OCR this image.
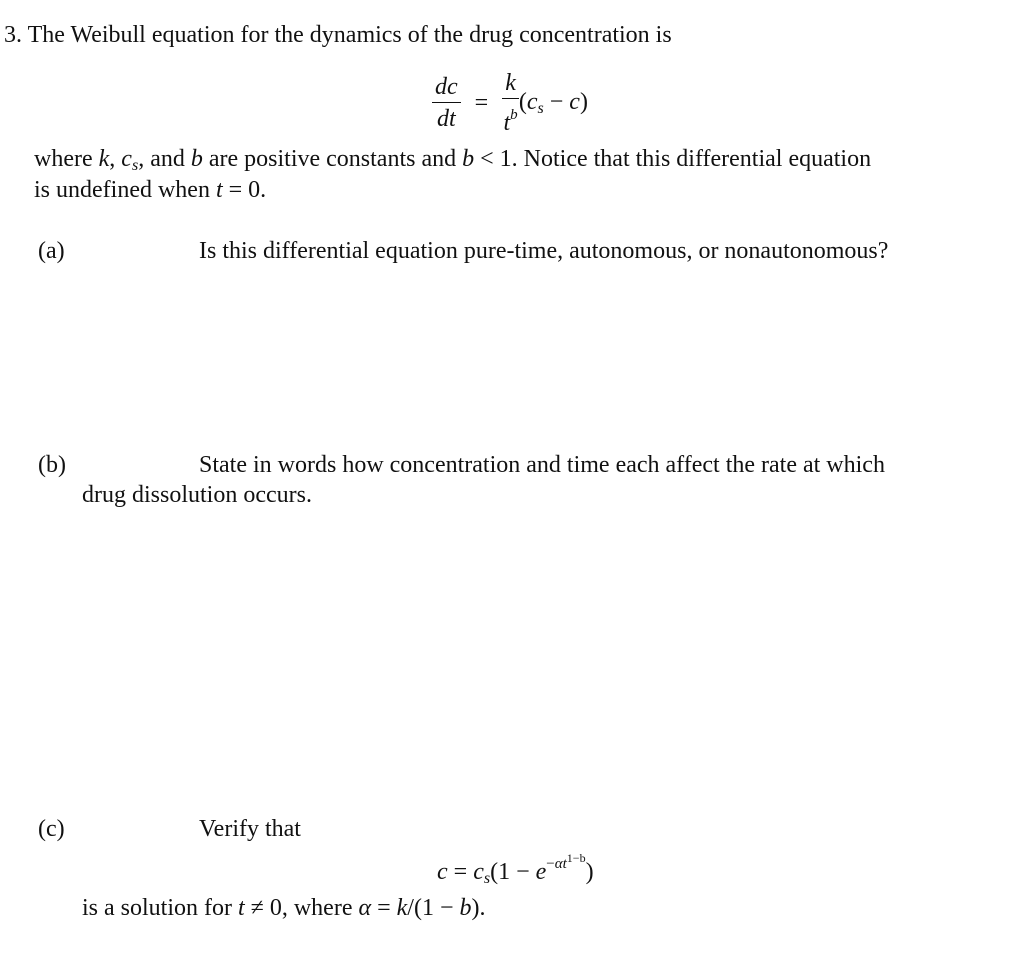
3. The Weibull equation for the dynamics of the drug concentration is
$\frac{dc}{dt} = \frac{k}{t^b} (c_s - c)$
where k, $c_s$, and b are positive constants and b < 1. Notice that this differential equation
is undefined when t = 0.
(a)	Is this differential equation pure-time, autonomous, or nonautonomous?
(b)	State in words how concentration and time each affect the rate at which
drug dissolution occurs.
(c)	Verify that
$c = c_s(1 - e^{-\alpha t^{1-b}})$
is a solution for t ≠ 0, where α = k/(1 − b).
